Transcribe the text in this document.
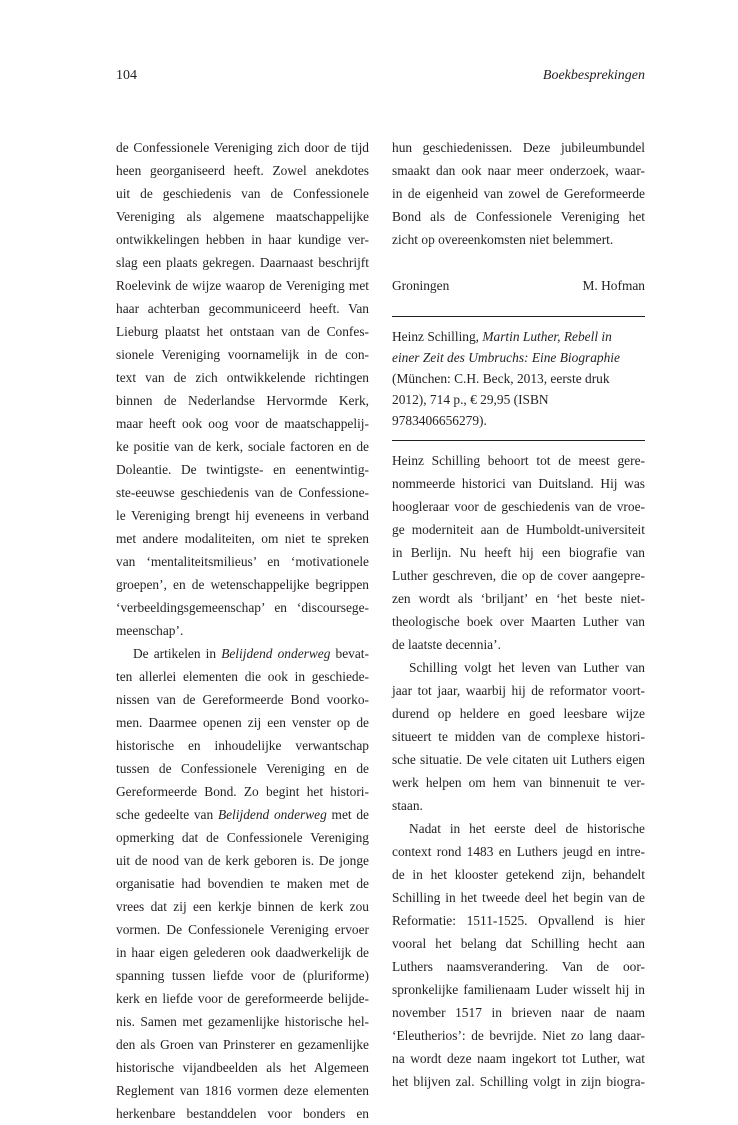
104	Boekbesprekingen
de Confessionele Vereniging zich door de tijd
heen georganiseerd heeft. Zowel anekdotes
uit de geschiedenis van de Confessionele
Vereniging als algemene maatschappelijke
ontwikkelingen hebben in haar kundige ver-
slag een plaats gekregen. Daarnaast beschrijft
Roelevink de wijze waarop de Vereniging met
haar achterban gecommuniceerd heeft. Van
Lieburg plaatst het ontstaan van de Confes-
sionele Vereniging voornamelijk in de con-
text van de zich ontwikkelende richtingen
binnen de Nederlandse Hervormde Kerk,
maar heeft ook oog voor de maatschappelij-
ke positie van de kerk, sociale factoren en de
Doleantie. De twintigste- en eenentwintig-
ste-eeuwse geschiedenis van de Confessione-
le Vereniging brengt hij eveneens in verband
met andere modaliteiten, om niet te spreken
van ‘mentaliteitsmilieus’ en ‘motivationele
groepen’, en de wetenschappelijke begrippen
‘verbeeldingsgemeenschap’ en ‘discoursege-
meenschap’.
De artikelen in Belijdend onderweg bevat-
ten allerlei elementen die ook in geschiede-
nissen van de Gereformeerde Bond voorko-
men. Daarmee openen zij een venster op de
historische en inhoudelijke verwantschap
tussen de Confessionele Vereniging en de
Gereformeerde Bond. Zo begint het histori-
sche gedeelte van Belijdend onderweg met de
opmerking dat de Confessionele Vereniging
uit de nood van de kerk geboren is. De jonge
organisatie had bovendien te maken met de
vrees dat zij een kerkje binnen de kerk zou
vormen. De Confessionele Vereniging ervoer
in haar eigen gelederen ook daadwerkelijk de
spanning tussen liefde voor de (pluriforme)
kerk en liefde voor de gereformeerde belijde-
nis. Samen met gezamenlijke historische hel-
den als Groen van Prinsterer en gezamenlijke
historische vijandbeelden als het Algemeen
Reglement van 1816 vormen deze elementen
herkenbare bestanddelen voor bonders en
hun geschiedenissen. Deze jubileumbundel
smaakt dan ook naar meer onderzoek, waar-
in de eigenheid van zowel de Gereformeerde
Bond als de Confessionele Vereniging het
zicht op overeenkomsten niet belemmert.
Groningen	M. Hofman
Heinz Schilling, Martin Luther, Rebell in
einer Zeit des Umbruchs: Eine Biographie
(München: C.H. Beck, 2013, eerste druk
2012), 714 p., € 29,95 (ISBN
9783406656279).
Heinz Schilling behoort tot de meest gere-
nommeerde historici van Duitsland. Hij was
hoogleraar voor de geschiedenis van de vroe-
ge moderniteit aan de Humboldt-universiteit
in Berlijn. Nu heeft hij een biografie van
Luther geschreven, die op de cover aangepre-
zen wordt als ‘briljant’ en ‘het beste niet-
theologische boek over Maarten Luther van
de laatste decennia’.
Schilling volgt het leven van Luther van
jaar tot jaar, waarbij hij de reformator voort-
durend op heldere en goed leesbare wijze
situeert te midden van de complexe histori-
sche situatie. De vele citaten uit Luthers eigen
werk helpen om hem van binnenuit te ver-
staan.
Nadat in het eerste deel de historische
context rond 1483 en Luthers jeugd en intre-
de in het klooster getekend zijn, behandelt
Schilling in het tweede deel het begin van de
Reformatie: 1511-1525. Opvallend is hier
vooral het belang dat Schilling hecht aan
Luthers naamsverandering. Van de oor-
spronkelijke familienaam Luder wisselt hij in
november 1517 in brieven naar de naam
‘Eleutherios’: de bevrijde. Niet zo lang daar-
na wordt deze naam ingekort tot Luther, wat
het blijven zal. Schilling volgt in zijn biogra-
